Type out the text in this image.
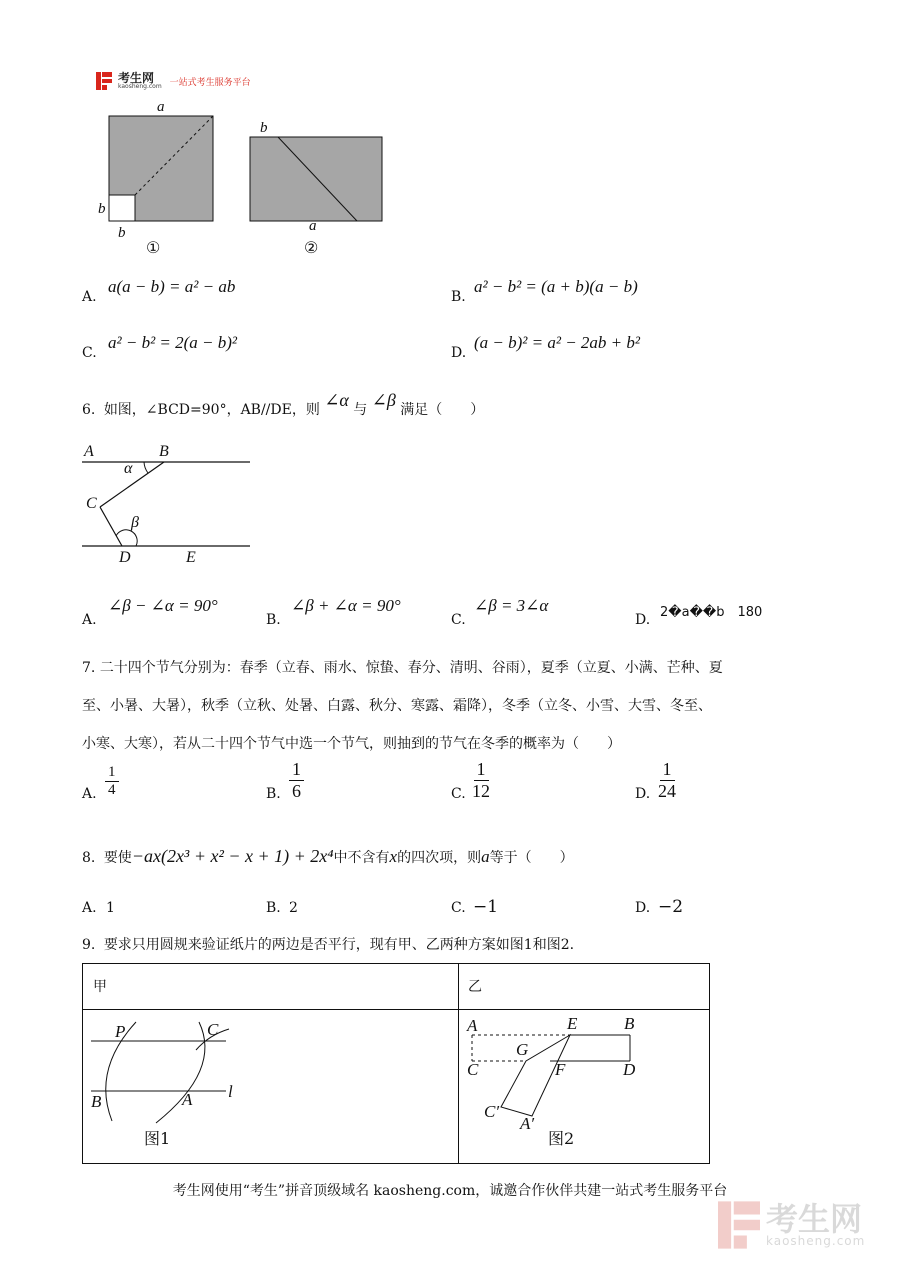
考生网
kaosheng.com 一站式考生服务平台
a
b
b
①
b
a
②
A.
a(a − b) = a² − ab
B.
a² − b² = (a + b)(a − b)
C.
a² − b² = 2(a − b)²
D.
(a − b)² = a² − 2ab + b²
6. 如图，∠BCD=90°，AB//DE，则 ∠α 与 ∠β 满足（　　）
A	B
C
D	E
α
β
A.
∠β − ∠α = 90°
B.
∠β + ∠α = 90°
C.
∠β = 3∠α
D. 2�a��b　180
7. 二十四个节气分别为：春季（立春、雨水、惊蛰、春分、清明、谷雨），夏季（立夏、小满、芒种、夏
至、小暑、大暑），秋季（立秋、处暑、白露、秋分、寒露、霜降），冬季（立冬、小雪、大雪、冬至、
小寒、大寒），若从二十四个节气中选一个节气，则抽到的节气在冬季的概率为（　　）
A. $\frac{1}{4}$	B. $\frac{1}{6}$	C. $\frac{1}{12}$	D. $\frac{1}{24}$
8. 要使−ax(2x³ + x² − x + 1) + 2x⁴中不含有x的四次项，则a等于（　　）
A. 1	B. 2	C. −1	D. −2
9. 要求只用圆规来验证纸片的两边是否平行，现有甲、乙两种方案如图1和图2.
甲	乙
P	C
B	A l
图1
A	E	B
G
C	F	D
C′
A′
图2
考生网使用“考生”拼音顶级域名 kaosheng.com，诚邀合作伙伴共建一站式考生服务平台
考生网
kaosheng.com
